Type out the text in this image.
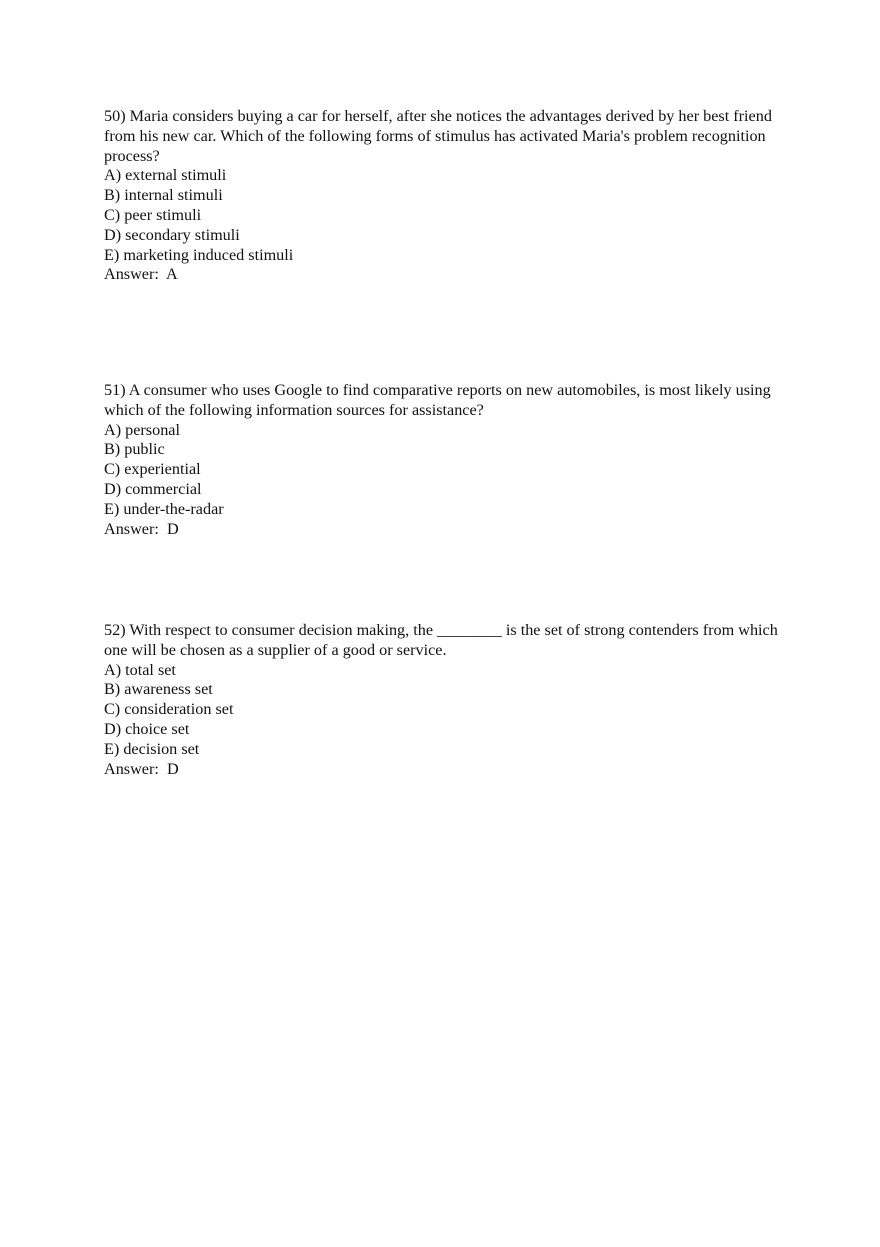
50) Maria considers buying a car for herself, after she notices the advantages derived by her best friend from his new car. Which of the following forms of stimulus has activated Maria's problem recognition process?

A) external stimuli
B) internal stimuli
C) peer stimuli
D) secondary stimuli
E) marketing induced stimuli

Answer:  A

51) A consumer who uses Google to find comparative reports on new automobiles, is most likely using which of the following information sources for assistance?

A) personal
B) public
C) experiential
D) commercial
E) under-the-radar

Answer:  D

52) With respect to consumer decision making, the ________ is the set of strong contenders from which one will be chosen as a supplier of a good or service.

A) total set
B) awareness set
C) consideration set
D) choice set
E) decision set

Answer:  D
